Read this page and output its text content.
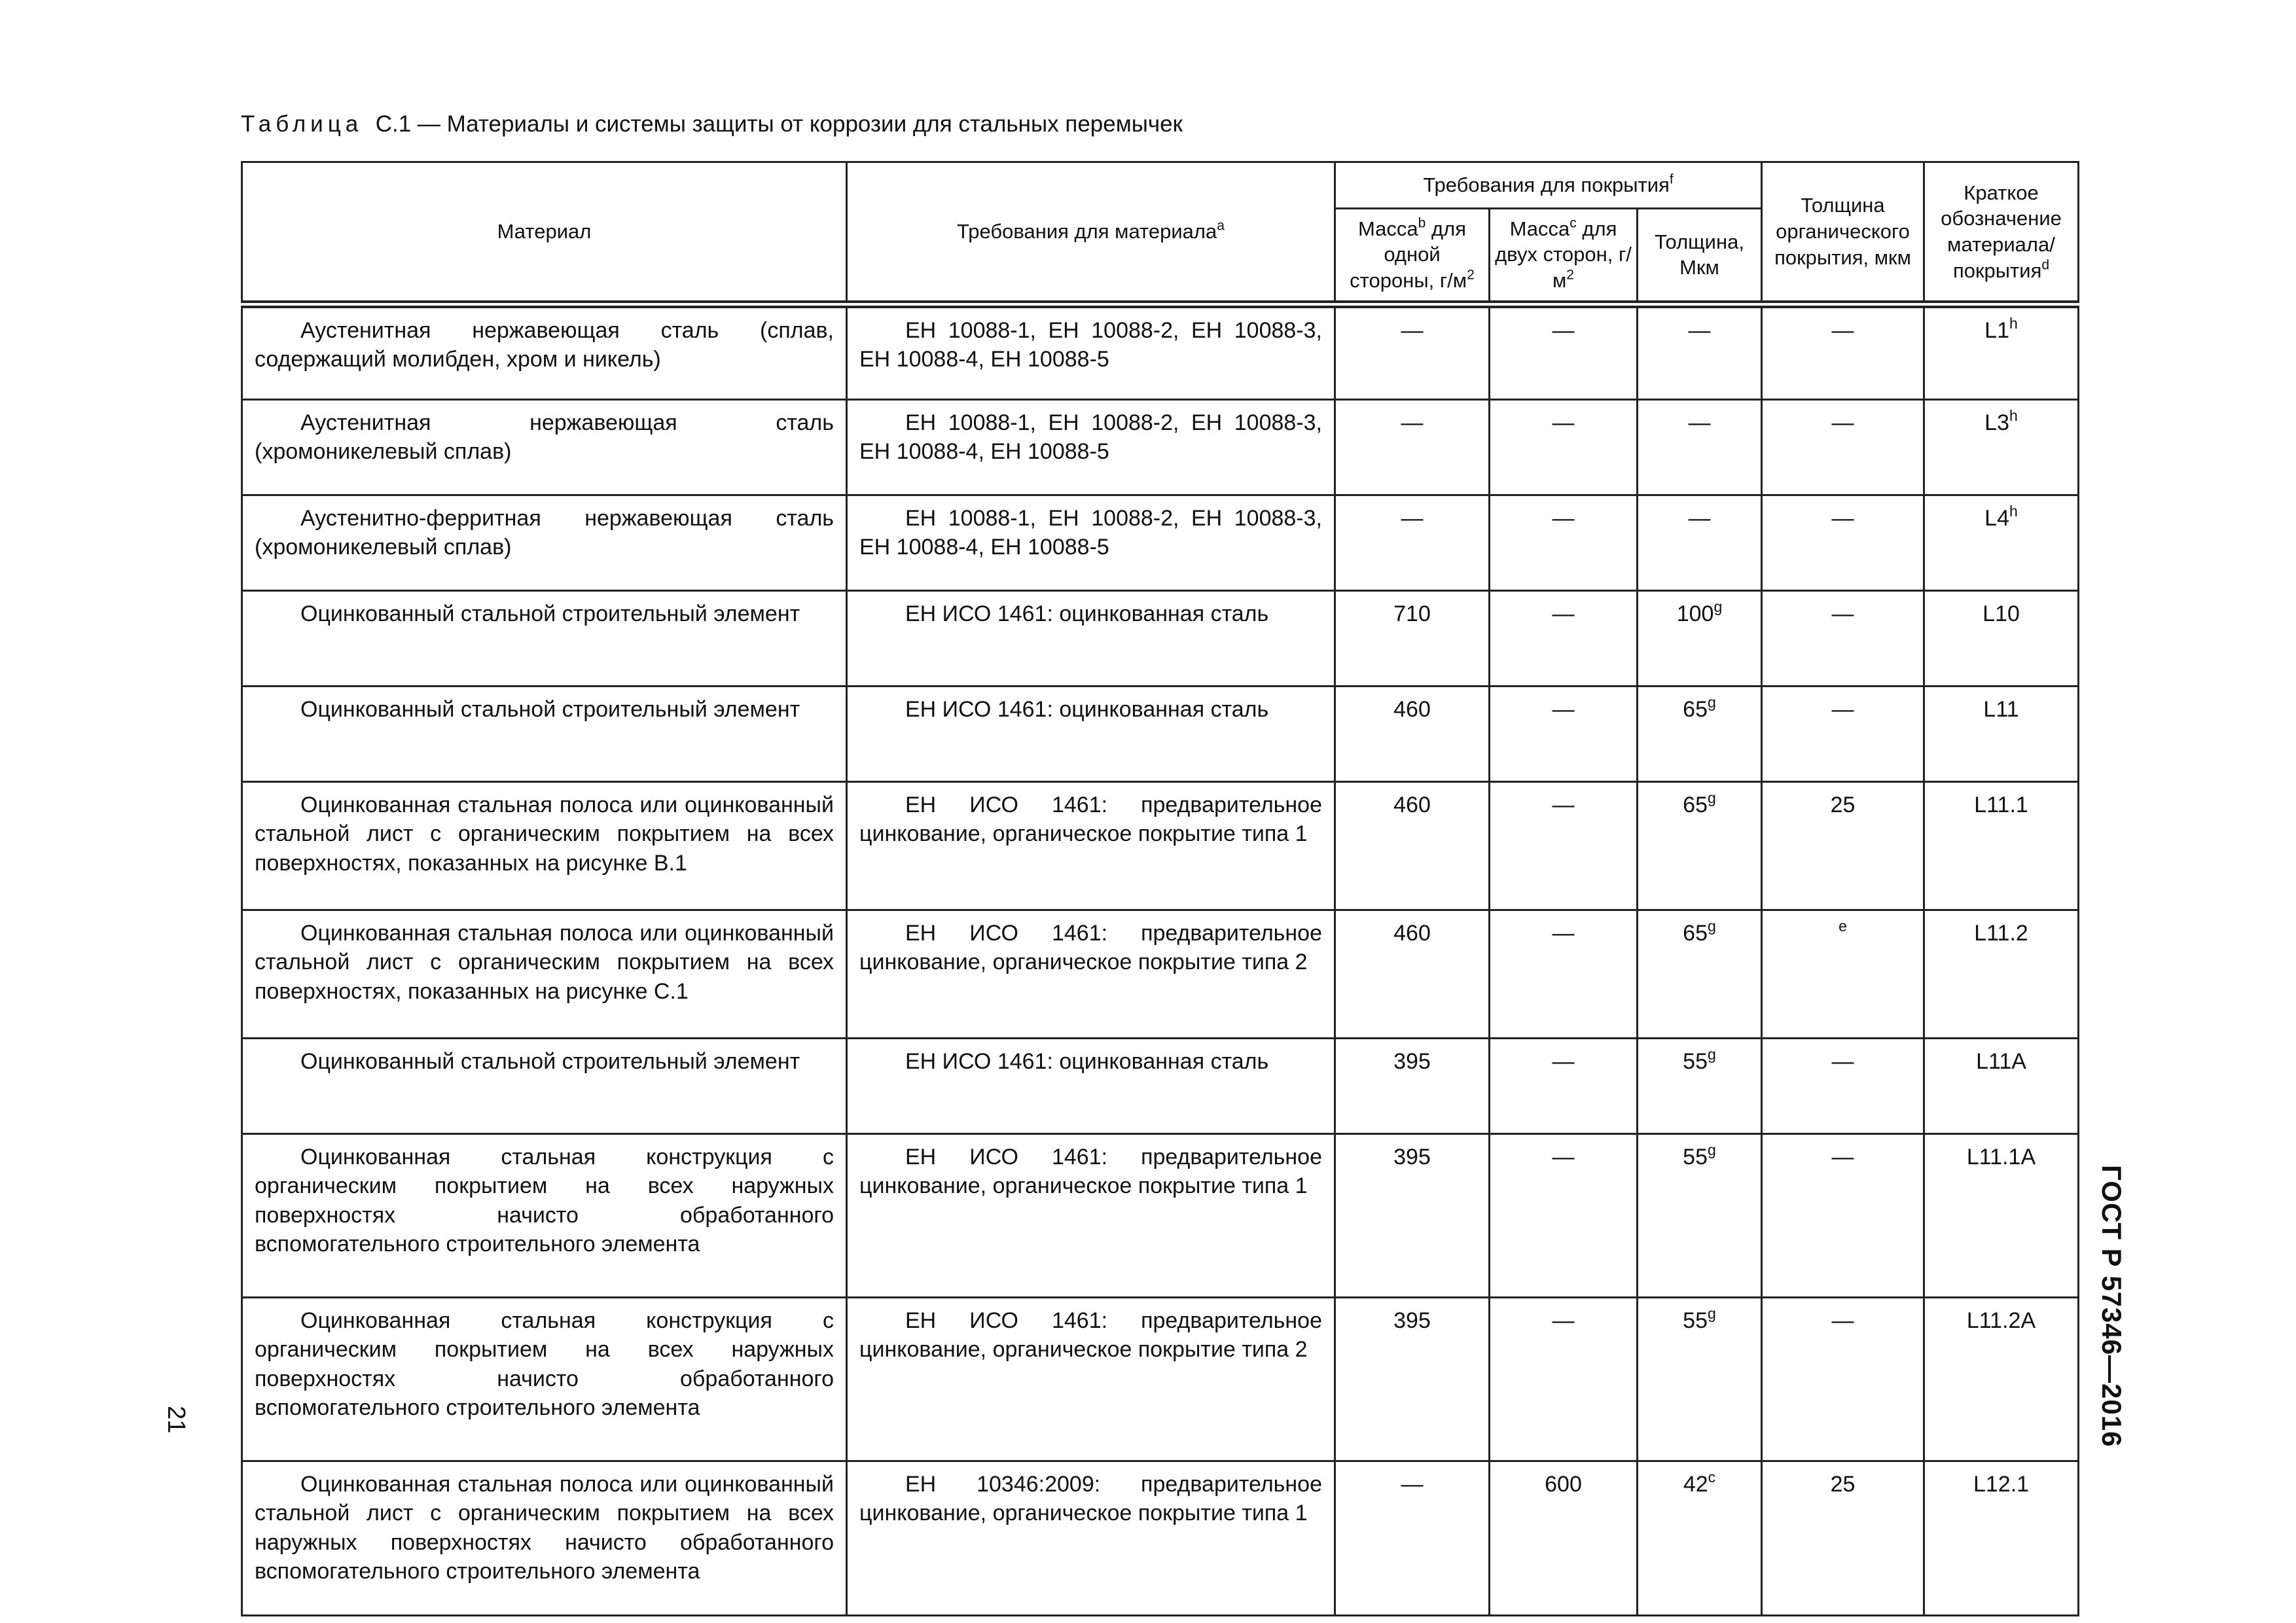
Таблица С.1 — Материалы и системы защиты от коррозии для стальных перемычек
Материал	Требования для материала$^a$	Требования для покрытия$^f$			Толщина органического покрытия, мкм	Краткое обозначение материала/покрытия$^d$
		Масса$^b$ для одной стороны, $г/м^2$	Масса$^c$ для двух сторон, $г/м^2$	Толщина, Мкм		
Аустенитная нержавеющая сталь (сплав, содержащий молибден, хром и никель)	ЕН 10088-1, ЕН 10088-2, ЕН 10088-3, ЕН 10088-4, ЕН 10088-5	—	—	—	—	L1$^h$
Аустенитная нержавеющая сталь (хромоникелевый сплав)	ЕН 10088-1, ЕН 10088-2, ЕН 10088-3, ЕН 10088-4, ЕН 10088-5	—	—	—	—	L3$^h$
Аустенитно-ферритная нержавеющая сталь (хромоникелевый сплав)	ЕН 10088-1, ЕН 10088-2, ЕН 10088-3, ЕН 10088-4, ЕН 10088-5	—	—	—	—	L4$^h$
Оцинкованный стальной строительный элемент	ЕН ИСО 1461: оцинкованная сталь	710	—	100$^g$	—	L10
Оцинкованный стальной строительный элемент	ЕН ИСО 1461: оцинкованная сталь	460	—	65$^g$	—	L11
Оцинкованная стальная полоса или оцинкованный стальной лист с органическим покрытием на всех поверхностях, показанных на рисунке В.1	ЕН ИСО 1461: предварительное цинкование, органическое покрытие типа 1	460	—	65$^g$	25	L11.1
Оцинкованная стальная полоса или оцинкованный стальной лист с органическим покрытием на всех поверхностях, показанных на рисунке С.1	ЕН ИСО 1461: предварительное цинкование, органическое покрытие типа 2	460	—	65$^g$	$^e$	L11.2
Оцинкованный стальной строительный элемент	ЕН ИСО 1461: оцинкованная сталь	395	—	55$^g$	—	L11A
Оцинкованная стальная конструкция с органическим покрытием на всех наружных поверхностях начисто обработанного вспомогательного строительного элемента	ЕН ИСО 1461: предварительное цинкование, органическое покрытие типа 1	395	—	55$^g$	—	L11.1A
Оцинкованная стальная конструкция с органическим покрытием на всех наружных поверхностях начисто обработанного вспомогательного строительного элемента	ЕН ИСО 1461: предварительное цинкование, органическое покрытие типа 2	395	—	55$^g$	—	L11.2A
Оцинкованная стальная полоса или оцинкованный стальной лист с органическим покрытием на всех наружных поверхностях начисто обработанного вспомогательного строительного элемента	ЕН 10346:2009: предварительное цинкование, органическое покрытие типа 1	—	600	42$^c$	25	L12.1
21	ГОСТ Р 57346—2016
